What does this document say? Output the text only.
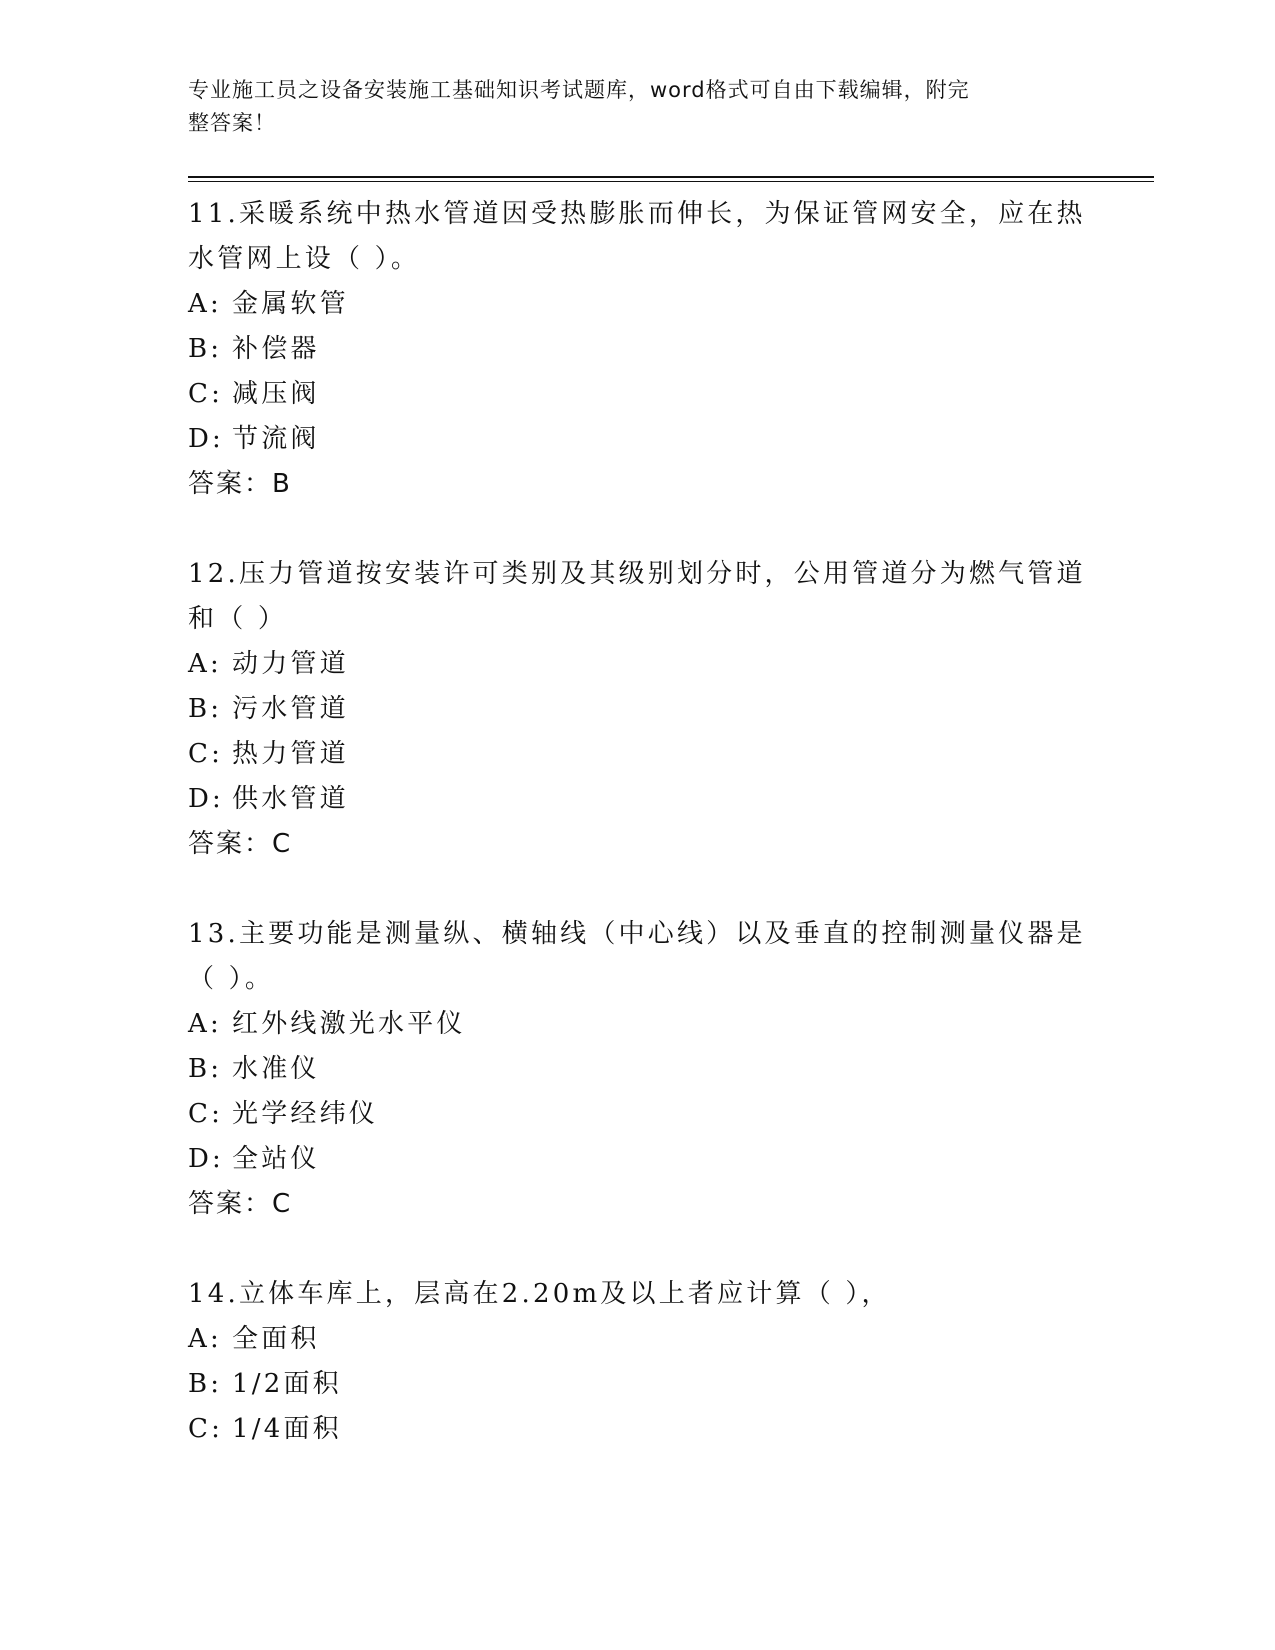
专业施工员之设备安装施工基础知识考试题库，word格式可自由下载编辑，附完
整答案！

11.采暖系统中热水管道因受热膨胀而伸长，为保证管网安全，应在热

水管网上设（ ）。

A: 金属软管

B: 补偿器

C: 减压阀

D: 节流阀

答案：B

12.压力管道按安装许可类别及其级别划分时，公用管道分为燃气管道

和（ ）

A: 动力管道

B: 污水管道

C: 热力管道

D: 供水管道

答案：C

13.主要功能是测量纵、横轴线（中心线）以及垂直的控制测量仪器是

（ ）。

A: 红外线激光水平仪

B: 水准仪

C: 光学经纬仪

D: 全站仪

答案：C

14.立体车库上，层高在2.20m及以上者应计算（ ），

A: 全面积

B: 1/2面积

C: 1/4面积
